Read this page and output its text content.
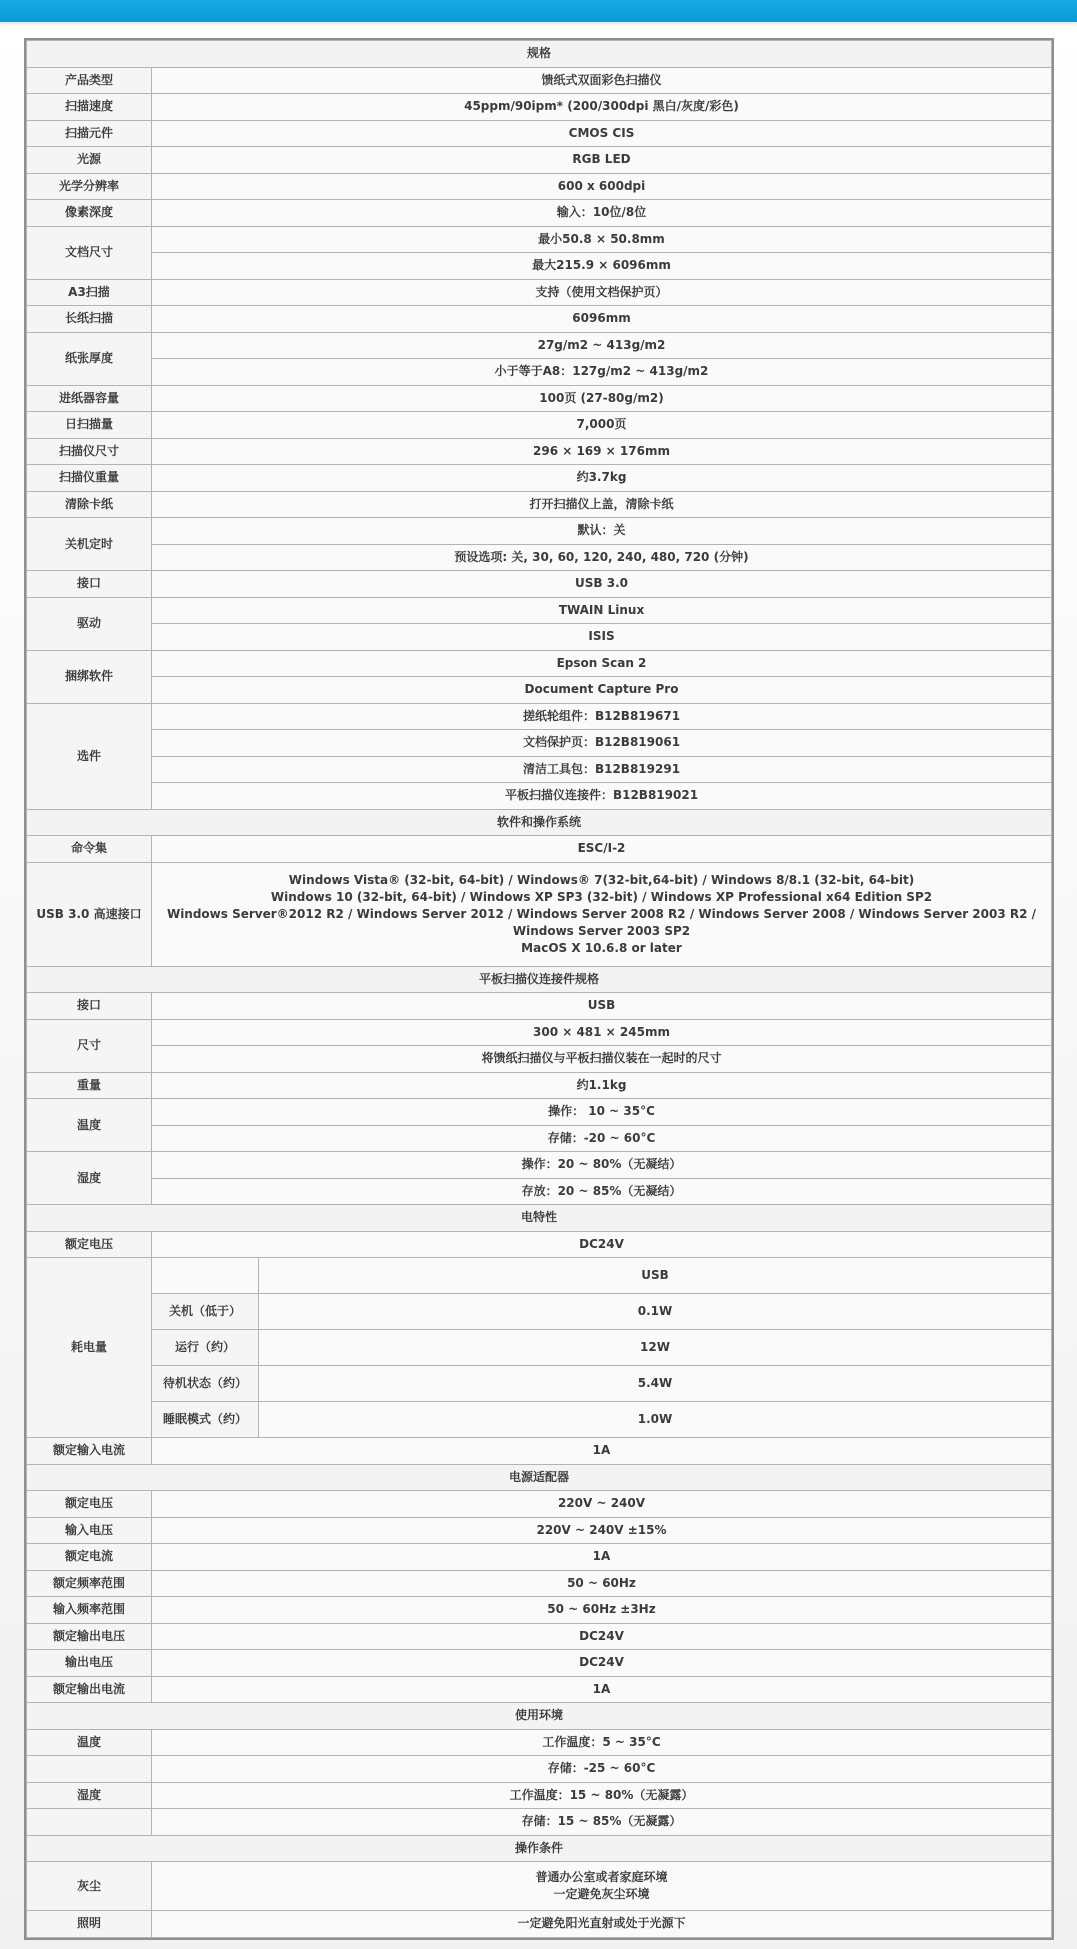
规格		
产品类型	馈纸式双面彩色扫描仪	
扫描速度	45ppm/90ipm* (200/300dpi 黑白/灰度/彩色)	
扫描元件	CMOS CIS	
光源	RGB LED	
光学分辨率	600 x 600dpi	
像素深度	输入：10位/8位	
文档尺寸	最小50.8 × 50.8mm	
	最大215.9 × 6096mm	
A3扫描	支持（使用文档保护页）	
长纸扫描	6096mm	
纸张厚度	27g/m2 ~ 413g/m2	
	小于等于A8：127g/m2 ~ 413g/m2	
进纸器容量	100页 (27-80g/m2)	
日扫描量	7,000页	
扫描仪尺寸	296 × 169 × 176mm	
扫描仪重量	约3.7kg	
清除卡纸	打开扫描仪上盖，清除卡纸	
关机定时	默认：关	
	预设选项: 关, 30, 60, 120, 240, 480, 720 (分钟)	
接口	USB 3.0	
驱动	TWAIN Linux	
	ISIS	
捆绑软件	Epson Scan 2	
	Document Capture Pro	
选件	搓纸轮组件：B12B819671	
	文档保护页：B12B819061	
	清洁工具包：B12B819291	
	平板扫描仪连接件：B12B819021	
软件和操作系统		
命令集	ESC/I-2	
USB 3.0 高速接口	Windows Vista® (32-bit, 64-bit) / Windows® 7(32-bit,64-bit) / Windows 8/8.1 (32-bit, 64-bit)
Windows 10 (32-bit, 64-bit) / Windows XP SP3 (32-bit) / Windows XP Professional x64 Edition SP2
Windows Server®2012 R2 / Windows Server 2012 / Windows Server 2008 R2 / Windows Server 2008 / Windows Server 2003 R2 / Windows Server 2003 SP2
MacOS X 10.6.8 or later	

平板扫描仪连接件规格		
接口	USB	
尺寸	300 × 481 × 245mm	
	将馈纸扫描仪与平板扫描仪装在一起时的尺寸	
重量	约1.1kg	
温度	操作： 10 ~ 35°C	
	存储：-20 ~ 60°C	
湿度	操作：20 ~ 80%（无凝结）	
	存放：20 ~ 85%（无凝结）	
电特性		
额定电压	DC24V	
耗电量		USB
	关机（低于）	0.1W
	运行（约）	12W
	待机状态（约）	5.4W
	睡眠模式（约）	1.0W
额定输入电流	1A	
电源适配器		
额定电压	220V ~ 240V	
输入电压	220V ~ 240V ±15%	
额定电流	1A	
额定频率范围	50 ~ 60Hz	
输入频率范围	50 ~ 60Hz ±3Hz	
额定输出电压	DC24V	
输出电压	DC24V	
额定输出电流	1A	
使用环境		
温度	工作温度：5 ~ 35°C	
	存储：-25 ~ 60°C	
湿度	工作温度：15 ~ 80%（无凝露）	
	存储：15 ~ 85%（无凝露）	
操作条件		
灰尘	普通办公室或者家庭环境
一定避免灰尘环境	

照明	一定避免阳光直射或处于光源下	
